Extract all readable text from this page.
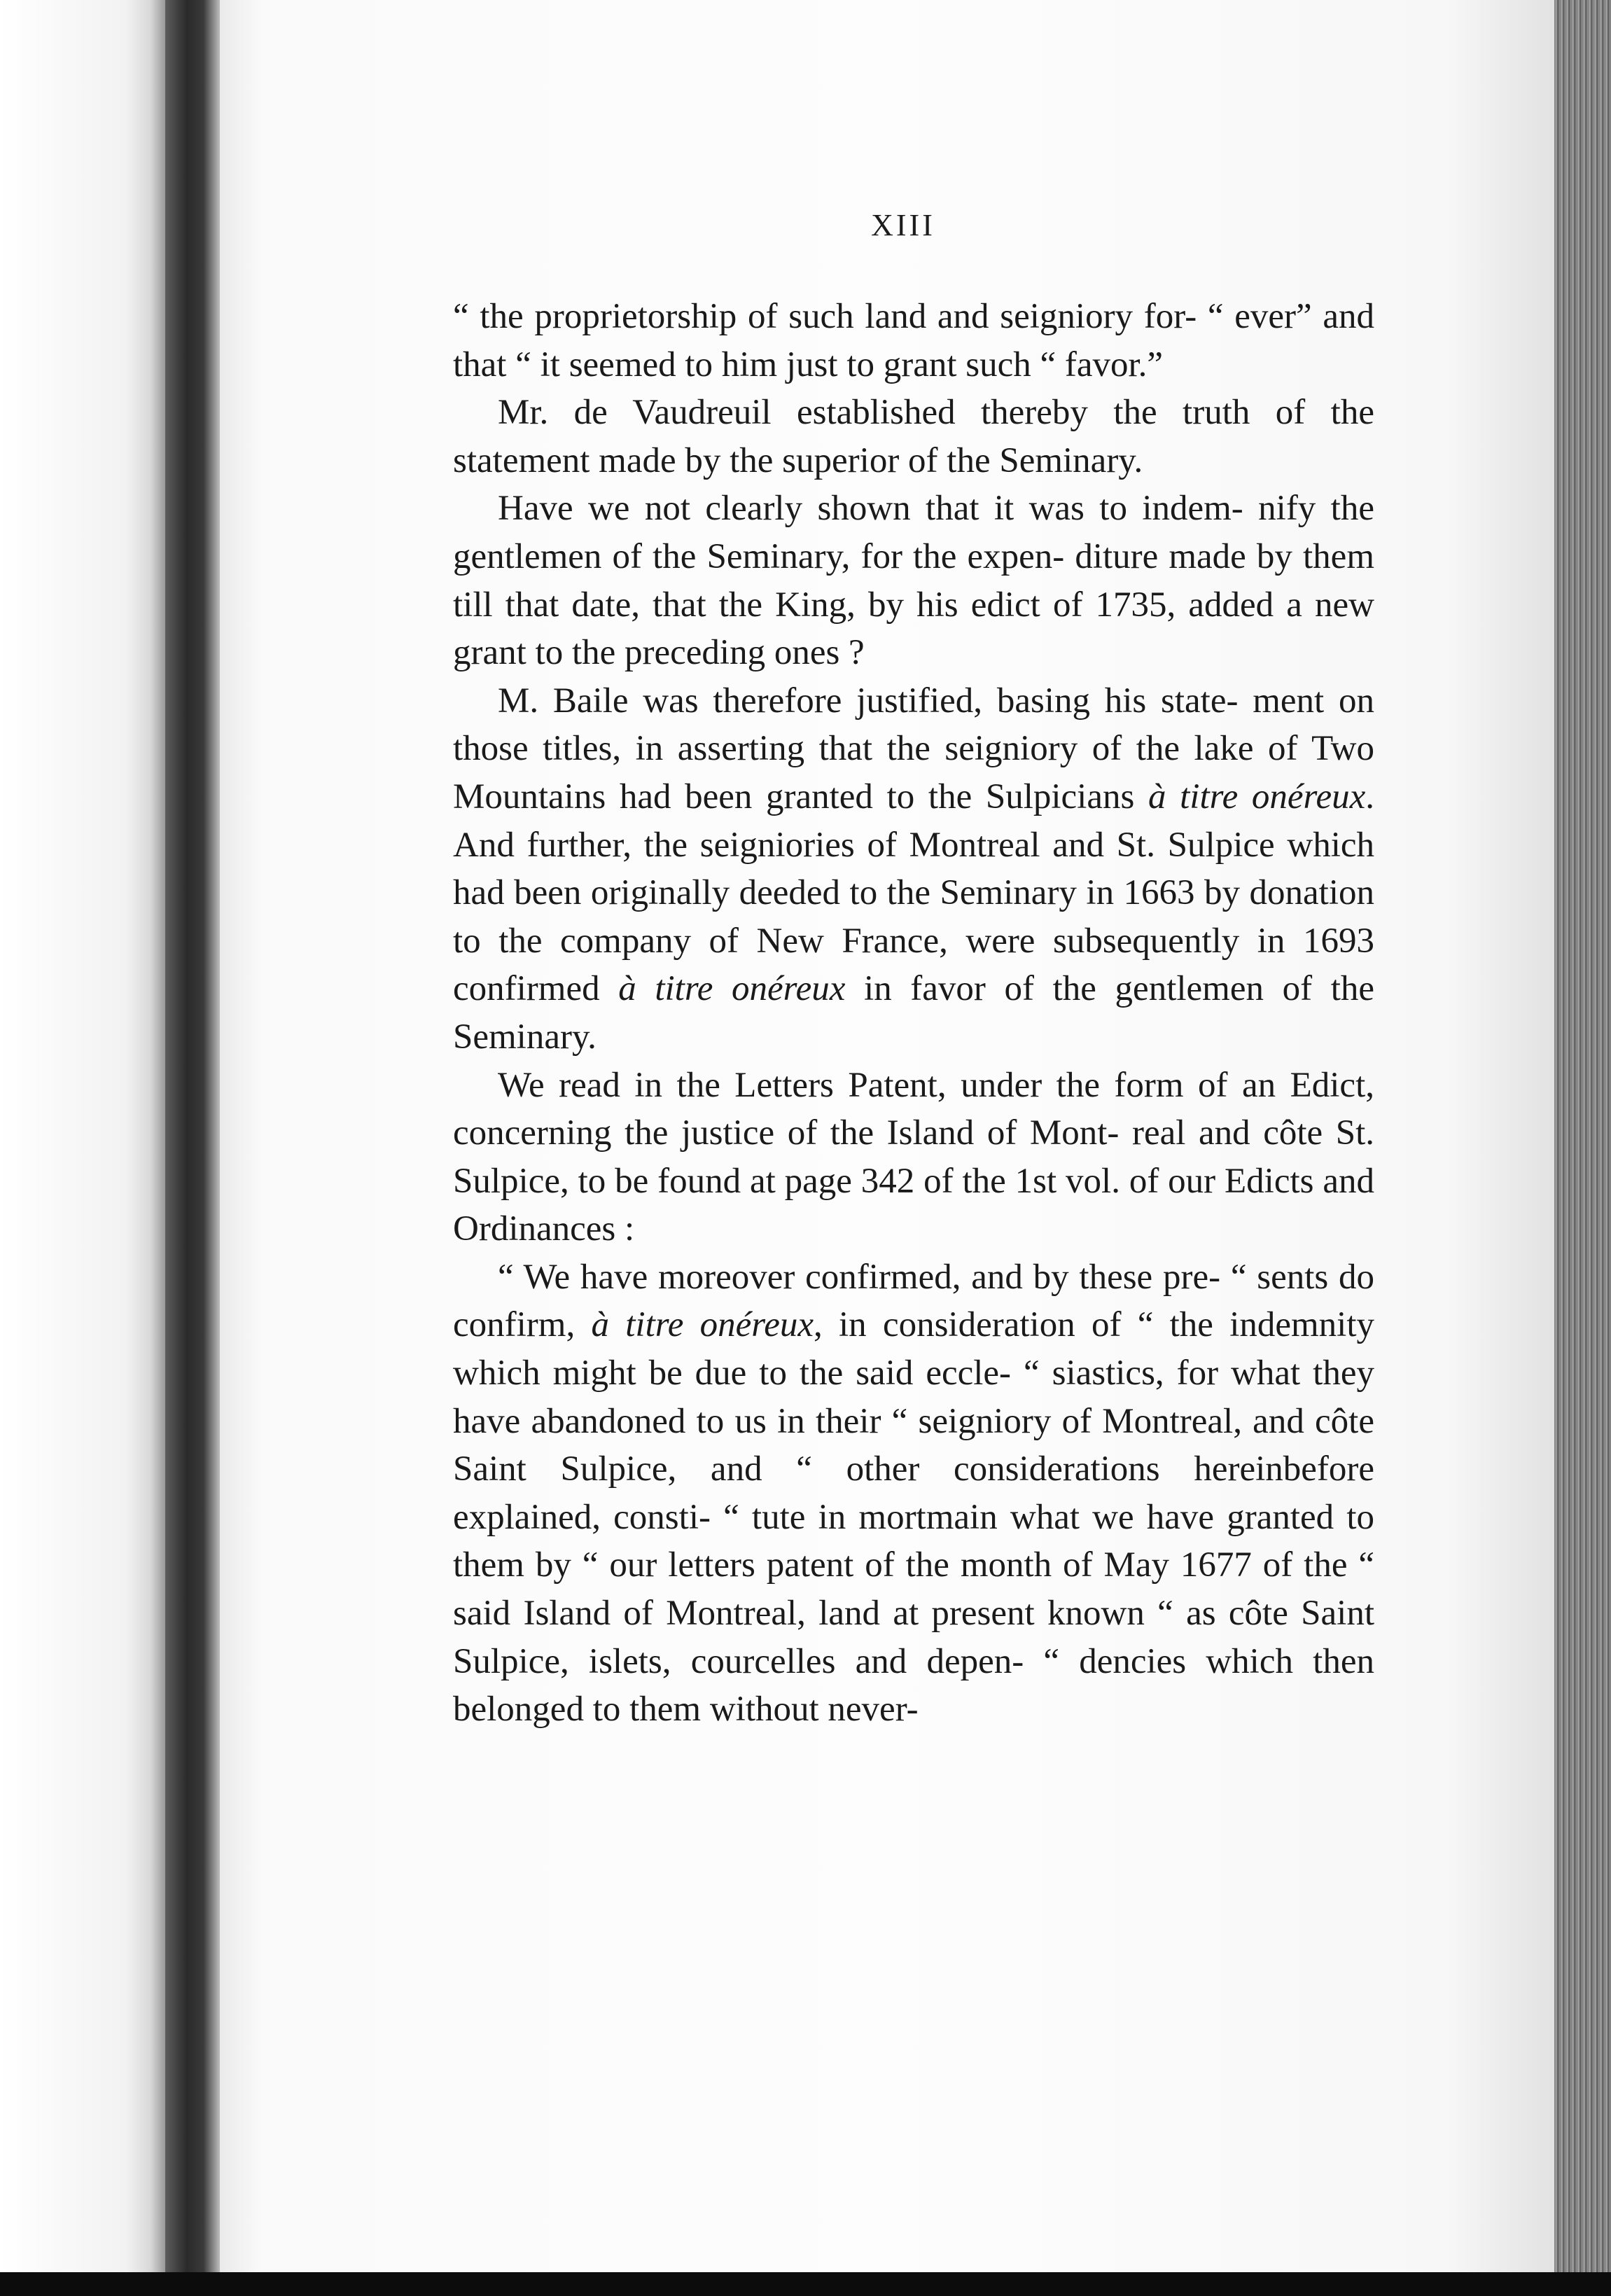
XIII

“ the proprietorship of such land and seigniory for- “ ever” and that “ it seemed to him just to grant such “ favor.”

Mr. de Vaudreuil established thereby the truth of the statement made by the superior of the Seminary.

Have we not clearly shown that it was to indem- nify the gentlemen of the Seminary, for the expen- diture made by them till that date, that the King, by his edict of 1735, added a new grant to the preceding ones ?

M. Baile was therefore justified, basing his state- ment on those titles, in asserting that the seigniory of the lake of Two Mountains had been granted to the Sulpicians à titre onéreux. And further, the seigniories of Montreal and St. Sulpice which had been originally deeded to the Seminary in 1663 by donation to the company of New France, were subsequently in 1693 confirmed à titre onéreux in favor of the gentlemen of the Seminary.

We read in the Letters Patent, under the form of an Edict, concerning the justice of the Island of Mont- real and côte St. Sulpice, to be found at page 342 of the 1st vol. of our Edicts and Ordinances :

“ We have moreover confirmed, and by these pre- “ sents do confirm, à titre onéreux, in consideration of “ the indemnity which might be due to the said eccle- “ siastics, for what they have abandoned to us in their “ seigniory of Montreal, and côte Saint Sulpice, and “ other considerations hereinbefore explained, consti- “ tute in mortmain what we have granted to them by “ our letters patent of the month of May 1677 of the “ said Island of Montreal, land at present known “ as côte Saint Sulpice, islets, courcelles and depen- “ dencies which then belonged to them without never-
